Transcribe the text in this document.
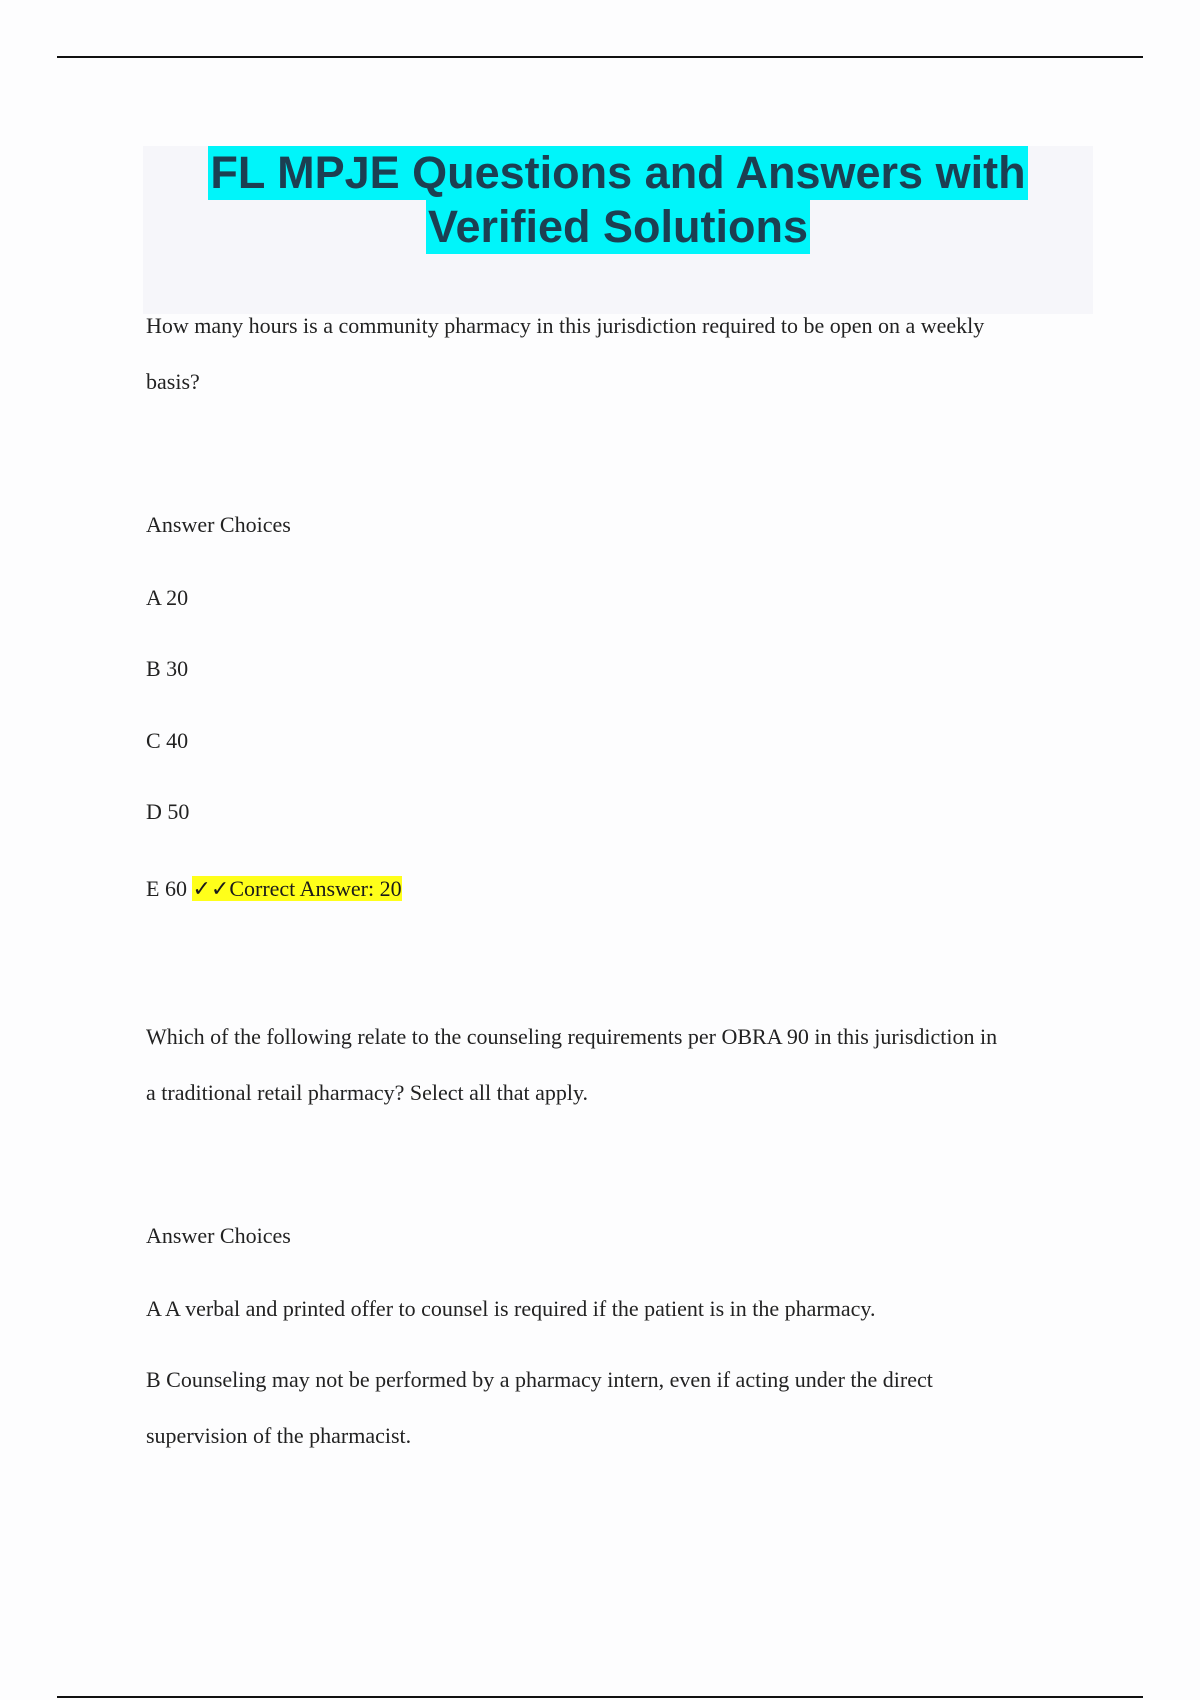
FL MPJE Questions and Answers with
Verified Solutions
How many hours is a community pharmacy in this jurisdiction required to be open on a weekly
basis?
Answer Choices
A 20
B 30
C 40
D 50
E 60 ✓✓Correct Answer: 20
Which of the following relate to the counseling requirements per OBRA 90 in this jurisdiction in
a traditional retail pharmacy? Select all that apply.
Answer Choices
A A verbal and printed offer to counsel is required if the patient is in the pharmacy.
B Counseling may not be performed by a pharmacy intern, even if acting under the direct
supervision of the pharmacist.
